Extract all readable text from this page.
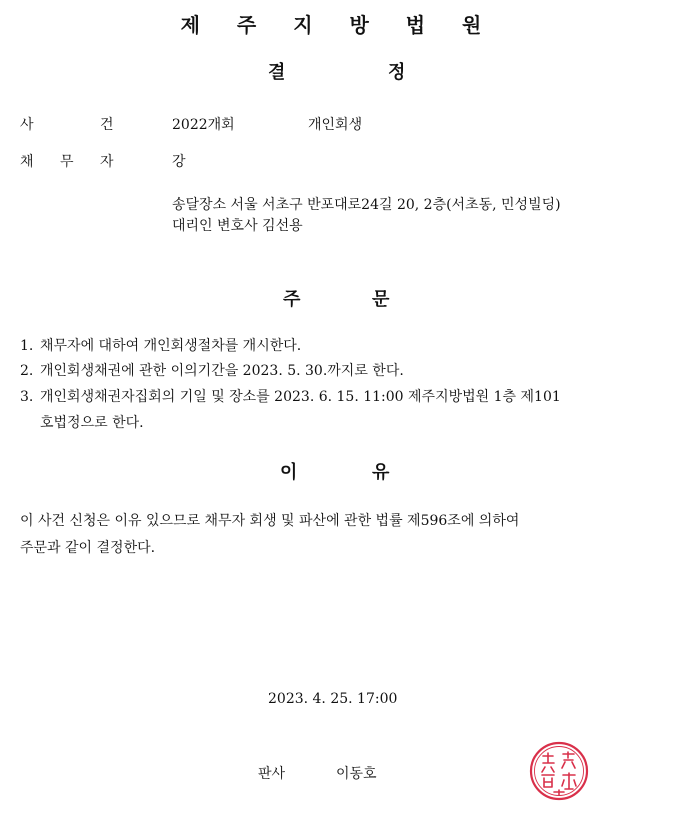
제 주 지 방 법 원
결	정
사	건	2022개회	개인회생
채 무 자	강
송달장소 서울 서초구 반포대로24길 20, 2층(서초동, 민성빌딩)
대리인 변호사 김선용
주	문
1. 채무자에 대하여 개인회생절차를 개시한다.
2. 개인회생채권에 관한 이의기간을 2023. 5. 30.까지로 한다.
3. 개인회생채권자집회의 기일 및 장소를 2023. 6. 15. 11:00 제주지방법원 1층 제101
호법정으로 한다.
이	유
이 사건 신청은 이유 있으므로 채무자 회생 및 파산에 관한 법률 제596조에 의하여
주문과 같이 결정한다.
2023. 4. 25. 17:00
판사	이동호
